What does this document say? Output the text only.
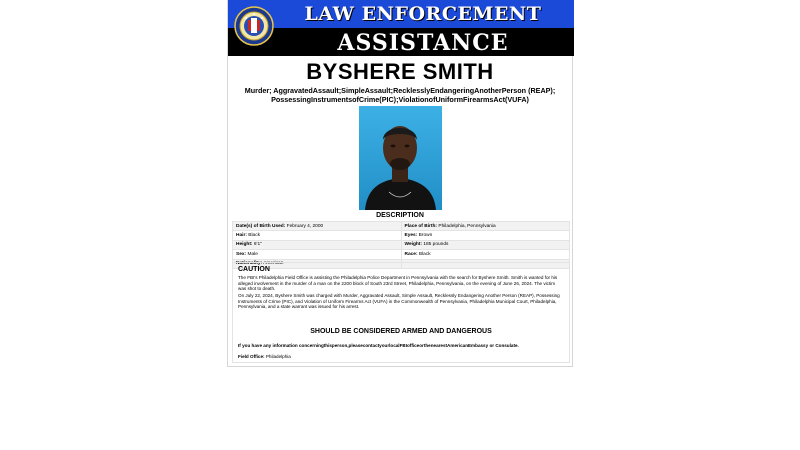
LAW ENFORCEMENT
ASSISTANCE
BYSHERE SMITH
Murder; AggravatedAssault;SimpleAssault;RecklesslyEndangeringAnotherPerson (REAP); PossessingInstrumentsofCrime(PIC);ViolationofUniformFirearmsAct(VUFA)
DESCRIPTION
Date(s) of Birth Used: February 4, 2000	Place of Birth: Philadelphia, Pennsylvania
Hair: Black	Eyes: Brown
Height: 6'1"	Weight: 185 pounds
Sex: Male	Race: Black
Nationality: American	
CAUTION
The FBI's Philadelphia Field Office is assisting the Philadelphia Police Department in Pennsylvania with the search for Byshere Smith. Smith is wanted for his alleged involvement in the murder of a man on the 2200 block of South 23rd Street, Philadelphia, Pennsylvania, on the evening of June 26, 2024. The victim was shot to death.
On July 22, 2024, Byshere Smith was charged with Murder, Aggravated Assault, Simple Assault, Recklessly Endangering Another Person (REAP), Possessing Instruments of Crime (PIC), and Violation of Uniform Firearms Act (VUFA) in the Commonwealth of Pennsylvania, Philadelphia Municipal Court, Philadelphia, Pennsylvania, and a state warrant was issued for his arrest.
SHOULD BE CONSIDERED ARMED AND DANGEROUS
If you have any information concerningthisperson,pleasecontactyourlocalFBIofficeorthenearestAmericanEmbassy or Consulate.
Field Office: Philadelphia
